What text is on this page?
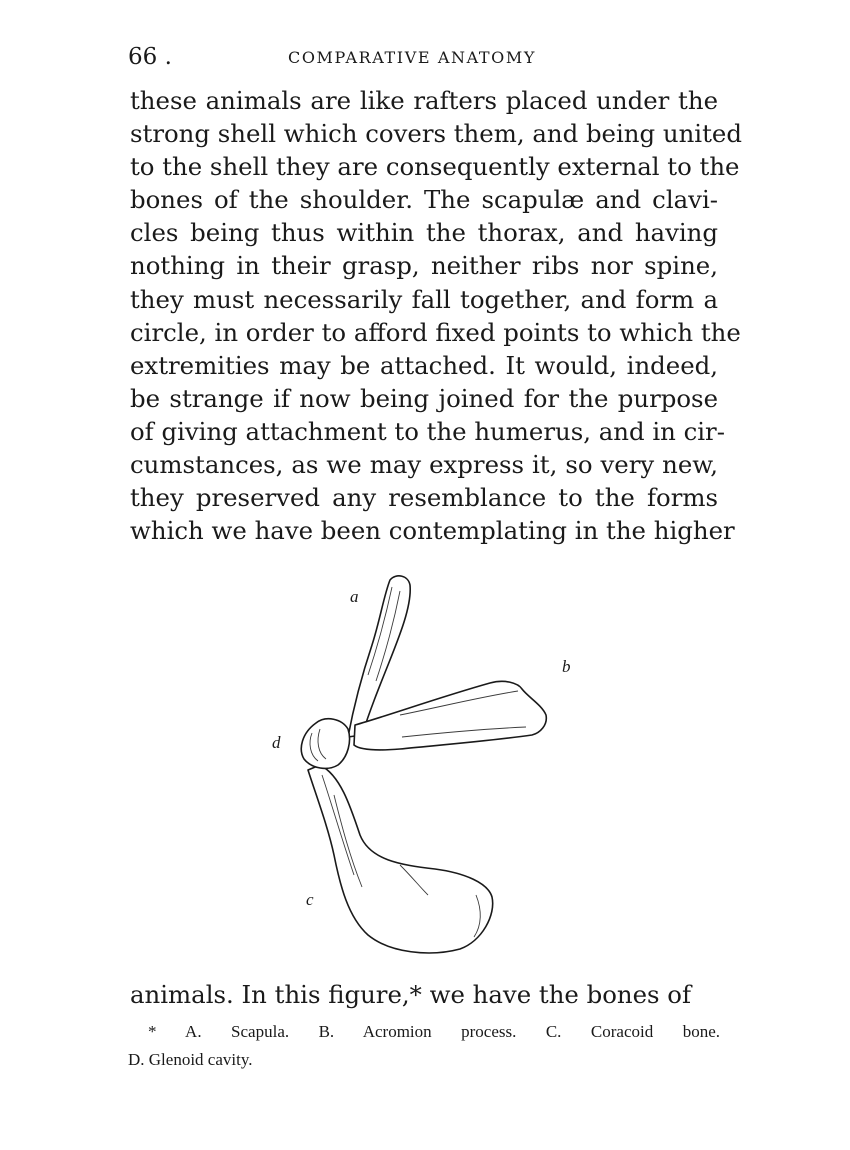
66 .	COMPARATIVE ANATOMY
these animals are like rafters placed under the
strong shell which covers them, and being united
to the shell they are consequently external to the
bones of the shoulder. The scapulæ and clavi-
cles being thus within the thorax, and having
nothing in their grasp, neither ribs nor spine,
they must necessarily fall together, and form a
circle, in order to afford fixed points to which the
extremities may be attached. It would, indeed,
be strange if now being joined for the purpose
of giving attachment to the humerus, and in cir-
cumstances, as we may express it, so very new,
they preserved any resemblance to the forms
which we have been contemplating in the higher
a
b
c
d
animals. In this figure,* we have the bones of
* A. Scapula. B. Acromion process. C. Coracoid bone.
D. Glenoid cavity.
